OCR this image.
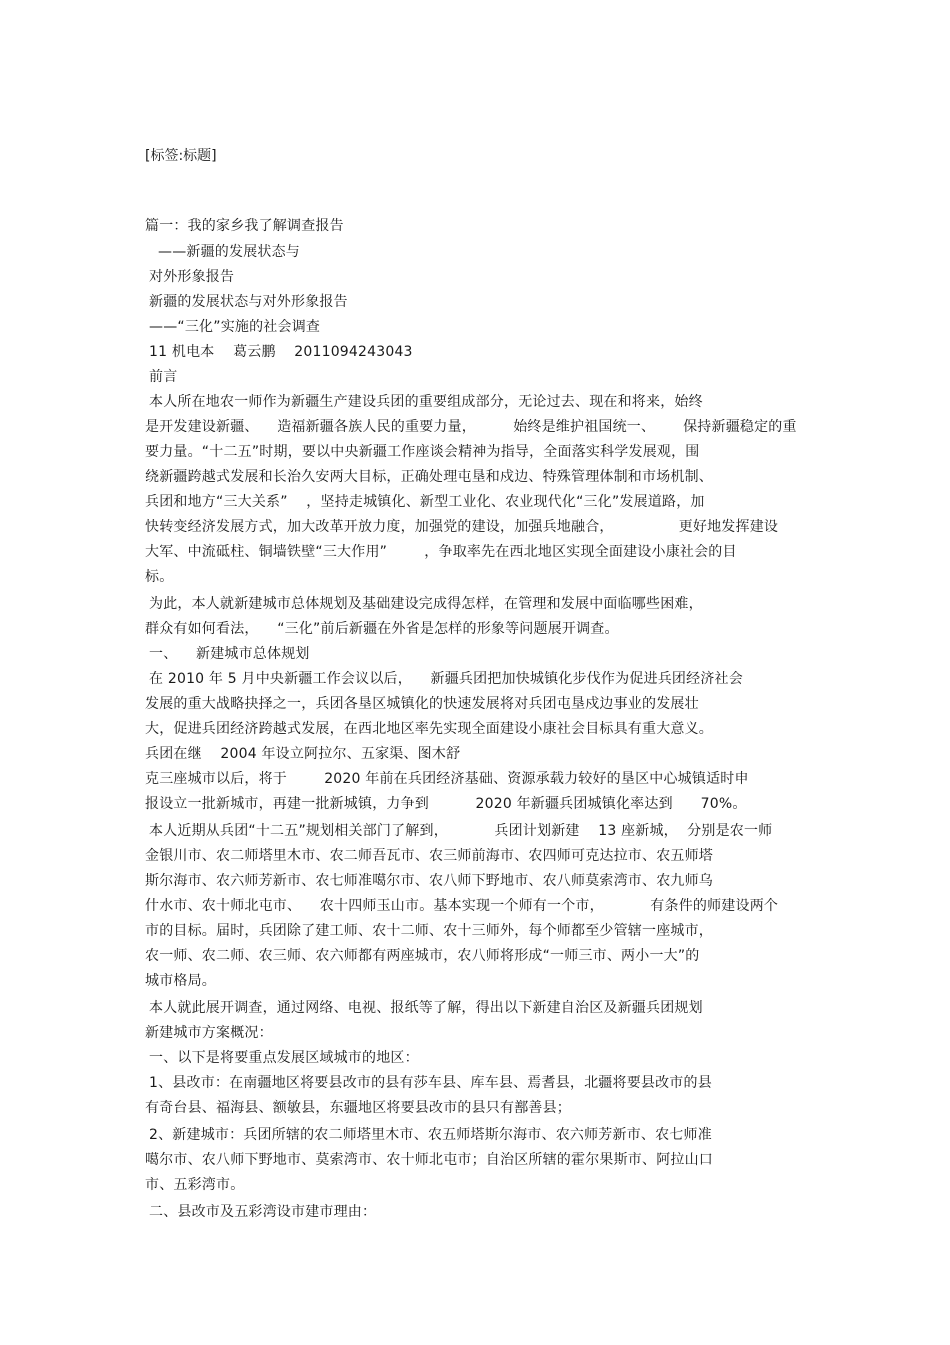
[标签:标题]
篇一：我的家乡我了解调查报告
——新疆的发展状态与
对外形象报告
新疆的发展状态与对外形象报告
——“三化”实施的社会调查
11 机电本    葛云鹏    2011094243043
前言
本人所在地农一师作为新疆生产建设兵团的重要组成部分，无论过去、现在和将来，始终
是开发建设新疆、    造福新疆各族人民的重要力量，        始终是维护祖国统一、      保持新疆稳定的重
要力量。“十二五”时期，要以中央新疆工作座谈会精神为指导，全面落实科学发展观，围
绕新疆跨越式发展和长治久安两大目标，正确处理屯垦和戍边、特殊管理体制和市场机制、
兵团和地方“三大关系”    ，坚持走城镇化、新型工业化、农业现代化“三化”发展道路，加
快转变经济发展方式，加大改革开放力度，加强党的建设，加强兵地融合，              更好地发挥建设
大军、中流砥柱、铜墙铁壁“三大作用”        ，争取率先在西北地区实现全面建设小康社会的目
标。
为此，本人就新建城市总体规划及基础建设完成得怎样，在管理和发展中面临哪些困难，
群众有如何看法，    “三化”前后新疆在外省是怎样的形象等问题展开调查。
一、    新建城市总体规划
在 2010 年 5 月中央新疆工作会议以后，    新疆兵团把加快城镇化步伐作为促进兵团经济社会
发展的重大战略抉择之一，兵团各垦区城镇化的快速发展将对兵团屯垦戍边事业的发展壮
大，促进兵团经济跨越式发展，在西北地区率先实现全面建设小康社会目标具有重大意义。
兵团在继    2004 年设立阿拉尔、五家渠、图木舒
克三座城市以后，将于        2020 年前在兵团经济基础、资源承载力较好的垦区中心城镇适时申
报设立一批新城市，再建一批新城镇，力争到          2020 年新疆兵团城镇化率达到      70%。
本人近期从兵团“十二五”规划相关部门了解到，          兵团计划新建    13 座新城，  分别是农一师
金银川市、农二师塔里木市、农二师吾瓦市、农三师前海市、农四师可克达拉市、农五师塔
斯尔海市、农六师芳新市、农七师准噶尔市、农八师下野地市、农八师莫索湾市、农九师乌
什水市、农十师北屯市、    农十四师玉山市。基本实现一个师有一个市，          有条件的师建设两个
市的目标。届时，兵团除了建工师、农十二师、农十三师外，每个师都至少管辖一座城市，
农一师、农二师、农三师、农六师都有两座城市，农八师将形成“一师三市、两小一大”的
城市格局。
本人就此展开调查，通过网络、电视、报纸等了解，得出以下新建自治区及新疆兵团规划
新建城市方案概况：
一、以下是将要重点发展区域城市的地区：
1、县改市：在南疆地区将要县改市的县有莎车县、库车县、焉耆县，北疆将要县改市的县
有奇台县、福海县、额敏县，东疆地区将要县改市的县只有鄯善县；
2、新建城市：兵团所辖的农二师塔里木市、农五师塔斯尔海市、农六师芳新市、农七师准
噶尔市、农八师下野地市、莫索湾市、农十师北屯市；自治区所辖的霍尔果斯市、阿拉山口
市、五彩湾市。
二、县改市及五彩湾设市建市理由：
